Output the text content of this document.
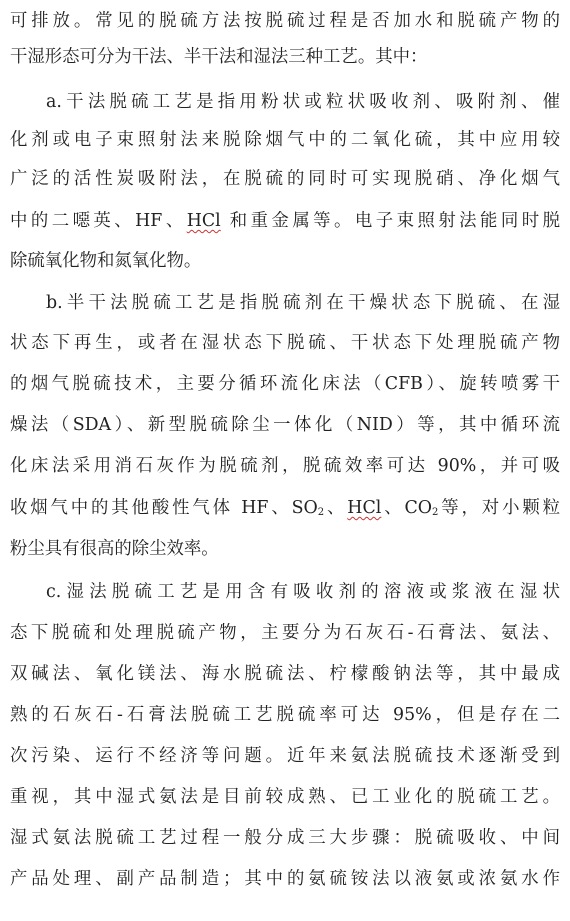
可排放。常见的脱硫方法按脱硫过程是否加水和脱硫产物的
干湿形态可分为干法、半干法和湿法三种工艺。其中：
a.干法脱硫工艺是指用粉状或粒状吸收剂、吸附剂、催
化剂或电子束照射法来脱除烟气中的二氧化硫，其中应用较
广泛的活性炭吸附法，在脱硫的同时可实现脱硝、净化烟气
中的二噁英、HF、HCl 和重金属等。电子束照射法能同时脱
除硫氧化物和氮氧化物。
b.半干法脱硫工艺是指脱硫剂在干燥状态下脱硫、在湿
状态下再生，或者在湿状态下脱硫、干状态下处理脱硫产物
的烟气脱硫技术，主要分循环流化床法（CFB）、旋转喷雾干
燥法（SDA）、新型脱硫除尘一体化（NID）等，其中循环流
化床法采用消石灰作为脱硫剂，脱硫效率可达 90%，并可吸
收烟气中的其他酸性气体 HF、$SO_2$、HCl、$CO_2$等，对小颗粒
粉尘具有很高的除尘效率。
c.湿法脱硫工艺是用含有吸收剂的溶液或浆液在湿状
态下脱硫和处理脱硫产物，主要分为石灰石-石膏法、氨法、
双碱法、氧化镁法、海水脱硫法、柠檬酸钠法等，其中最成
熟的石灰石-石膏法脱硫工艺脱硫率可达 95%，但是存在二
次污染、运行不经济等问题。近年来氨法脱硫技术逐渐受到
重视，其中湿式氨法是目前较成熟、已工业化的脱硫工艺。
湿式氨法脱硫工艺过程一般分成三大步骤：脱硫吸收、中间
产品处理、副产品制造；其中的氨硫铵法以液氨或浓氨水作
